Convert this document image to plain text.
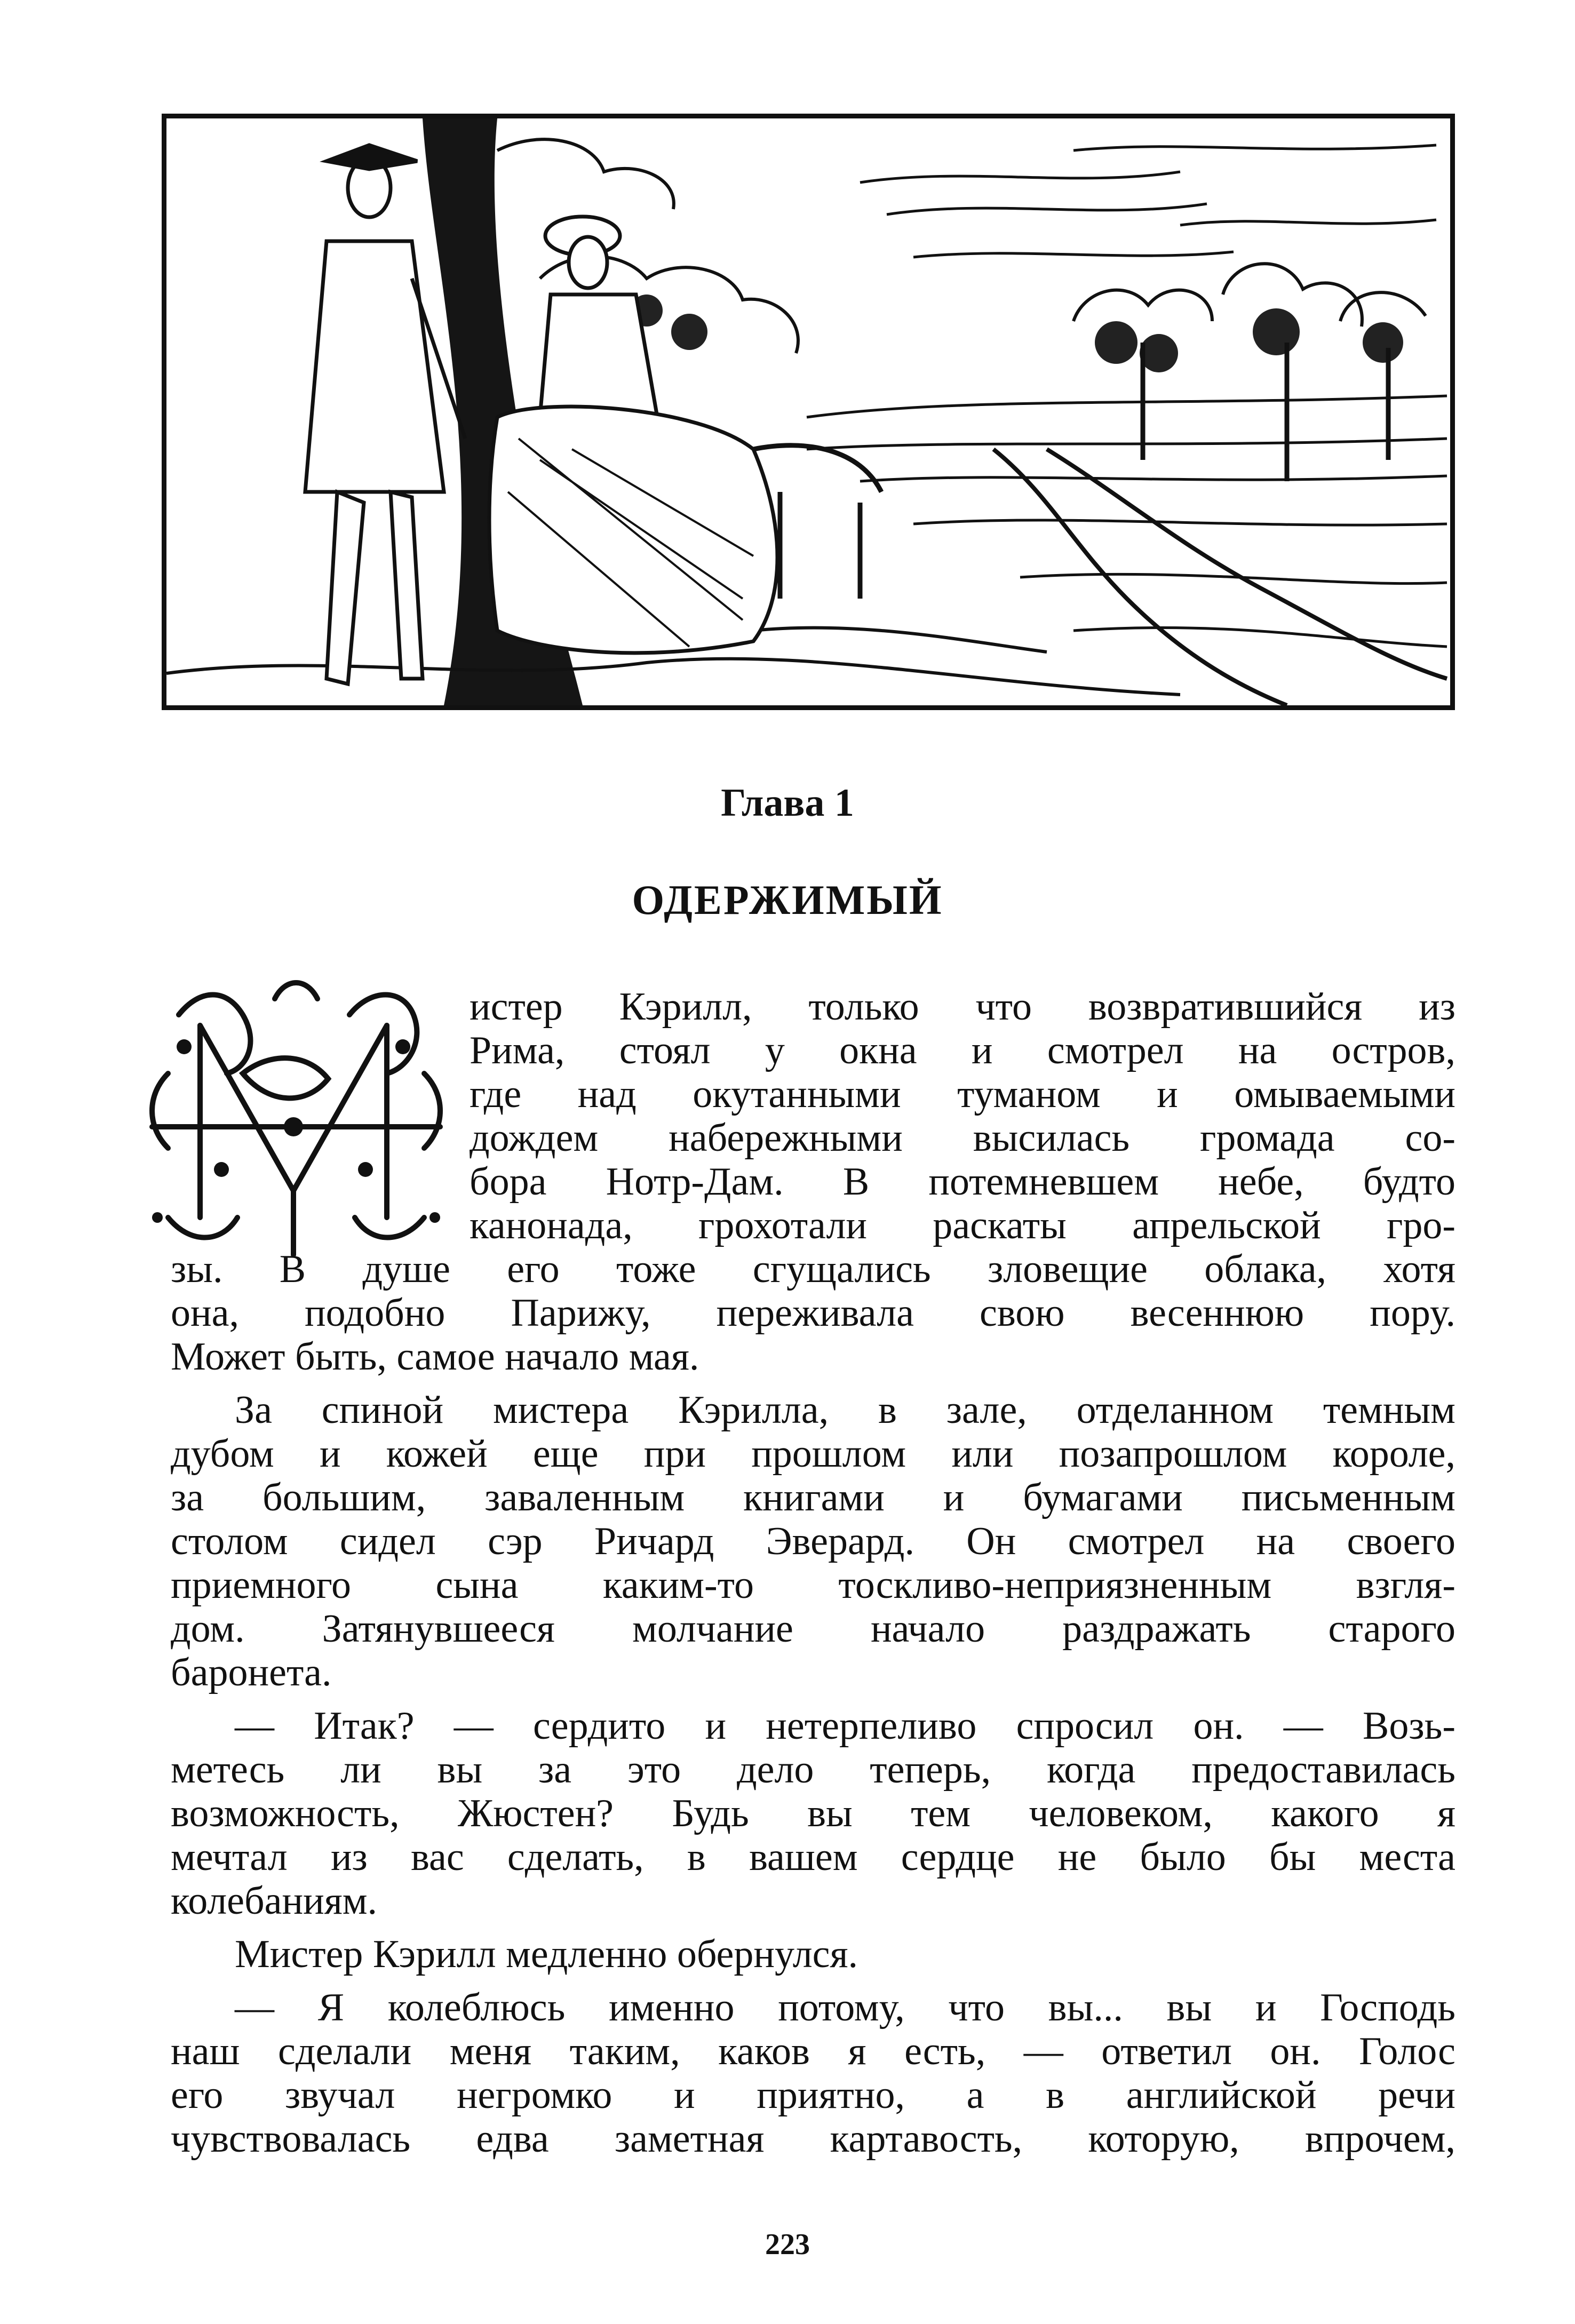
Глава 1
ОДЕРЖИМЫЙ
истер Кэрилл, только что возвратившийся из
Рима, стоял у окна и смотрел на остров,
где над окутанными туманом и омываемыми
дождем набережными высилась громада со-
бора Нотр-Дам. В потемневшем небе, будто
канонада, грохотали раскаты апрельской гро-
зы. В душе его тоже сгущались зловещие облака, хотя
она, подобно Парижу, переживала свою весеннюю пору.
Может быть, самое начало мая.
За спиной мистера Кэрилла, в зале, отделанном темным
дубом и кожей еще при прошлом или позапрошлом короле,
за большим, заваленным книгами и бумагами письменным
столом сидел сэр Ричард Эверард. Он смотрел на своего
приемного сына каким-то тоскливо-неприязненным взгля-
дом. Затянувшееся молчание начало раздражать старого
баронета.
— Итак? — сердито и нетерпеливо спросил он. — Возь-
метесь ли вы за это дело теперь, когда предоставилась
возможность, Жюстен? Будь вы тем человеком, какого я
мечтал из вас сделать, в вашем сердце не было бы места
колебаниям.
Мистер Кэрилл медленно обернулся.
— Я колеблюсь именно потому, что вы... вы и Господь
наш сделали меня таким, каков я есть, — ответил он. Голос
его звучал негромко и приятно, а в английской речи
чувствовалась едва заметная картавость, которую, впрочем,
223
